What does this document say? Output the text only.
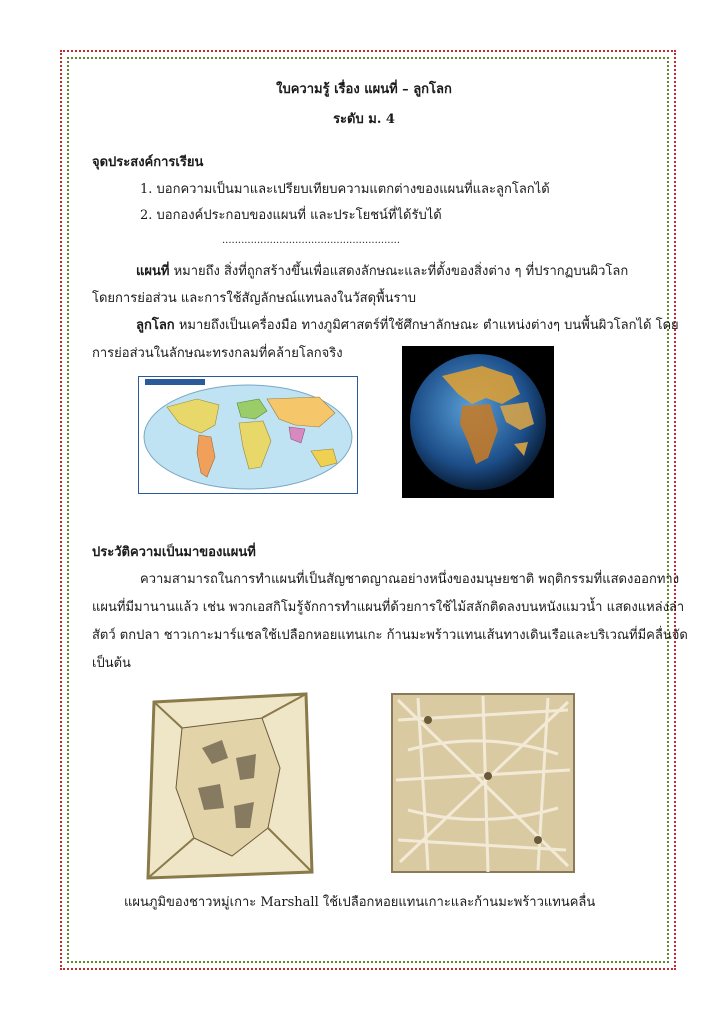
ใบความรู้ เรื่อง แผนที่ – ลูกโลก
ระดับ ม. 4
จุดประสงค์การเรียน
1. บอกความเป็นมาและเปรียบเทียบความแตกต่างของแผนที่และลูกโลกได้
2. บอกองค์ประกอบของแผนที่ และประโยชน์ที่ได้รับได้
........................................................
แผนที่ หมายถึง สิ่งที่ถูกสร้างขึ้นเพื่อแสดงลักษณะและที่ตั้งของสิ่งต่าง ๆ ที่ปรากฏบนผิวโลก
โดยการย่อส่วน และการใช้สัญลักษณ์แทนลงในวัสดุพื้นราบ
ลูกโลก หมายถึงเป็นเครื่องมือ ทางภูมิศาสตร์ที่ใช้ศึกษาลักษณะ ตำแหน่งต่างๆ บนพื้นผิวโลกได้ โดย
การย่อส่วนในลักษณะทรงกลมที่คล้ายโลกจริง
ประวัติความเป็นมาของแผนที่
ความสามารถในการทำแผนที่เป็นสัญชาตญาณอย่างหนึ่งของมนุษยชาติ พฤติกรรมที่แสดงออกทาง
แผนที่มีมานานแล้ว เช่น พวกเอสกิโมรู้จักการทำแผนที่ด้วยการใช้ไม้สลักติดลงบนหนังแมวน้ำ แสดงแหล่งล่า
สัตว์ ตกปลา ชาวเกาะมาร์แชลใช้เปลือกหอยแทนเกะ ก้านมะพร้าวแทนเส้นทางเดินเรือและบริเวณที่มีคลื่นจัด
เป็นต้น
แผนภูมิของชาวหมู่เกาะ Marshall ใช้เปลือกหอยแทนเกาะและก้านมะพร้าวแทนคลื่น
